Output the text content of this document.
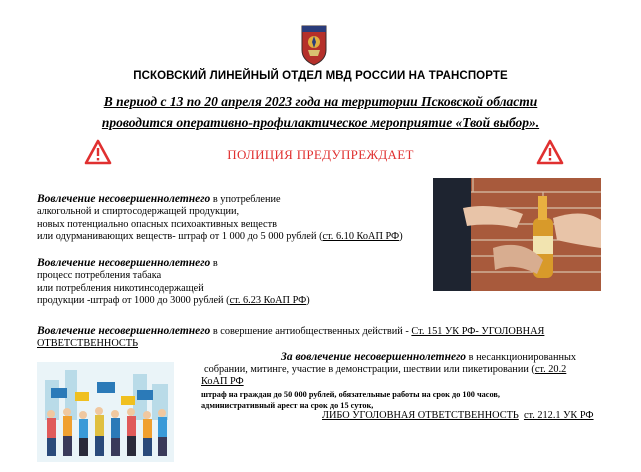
ПСКОВСКИЙ ЛИНЕЙНЫЙ ОТДЕЛ МВД РОССИИ НА ТРАНСПОРТЕ
В период с 13 по 20 апреля 2023 года на территории Псковской области
проводится оперативно-профилактическое мероприятие «Твой выбор».
ПОЛИЦИЯ ПРЕДУПРЕЖДАЕТ
Вовлечение несовершеннолетнего в употребление
алкогольной и спиртосодержащей продукции,
новых потенциально опасных психоактивных веществ
или одурманивающих веществ- штраф от 1 000 до 5 000 рублей (ст. 6.10 КоАП РФ)
Вовлечение несовершеннолетнего в
процесс потребления табака
или потребления никотинсодержащей
продукции -штраф от 1000 до 3000 рублей (ст. 6.23 КоАП РФ)
Вовлечение несовершеннолетнего в совершение антиобщественных действий - Ст. 151 УК РФ- УГОЛОВНАЯ
ОТВЕТСТВЕННОСТЬ
За вовлечение несовершеннолетнего в несанкционированных
собрании, митинге, участие в демонстрации, шествии или пикетировании (ст. 20.2
КоАП РФ
штраф на граждан до 50 000 рублей, обязательные работы на срок до 100 часов,
административный арест на срок до 15 суток,
ЛИБО УГОЛОВНАЯ ОТВЕТСТВЕННОСТЬ ст. 212.1 УК РФ
